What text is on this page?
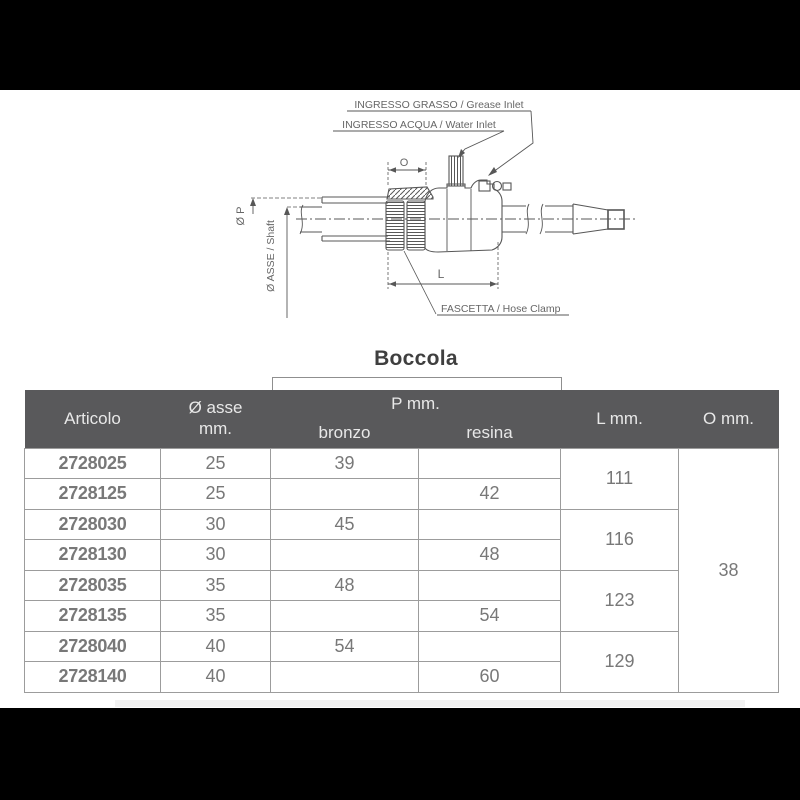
INGRESSO GRASSO / Grease Inlet
INGRESSO ACQUA / Water Inlet
FASCETTA / Hose Clamp
O
L
Ø P
Ø ASSE / Shaft
Boccola
Articolo	Ø asse
mm.	P mm.		L mm.	O mm.
		bronzo	resina		
2728025	25	39		111	38
2728125	25		42		
2728030	30	45		116	
2728130	30		48		
2728035	35	48		123	
2728135	35		54		
2728040	40	54		129	
2728140	40		60		
